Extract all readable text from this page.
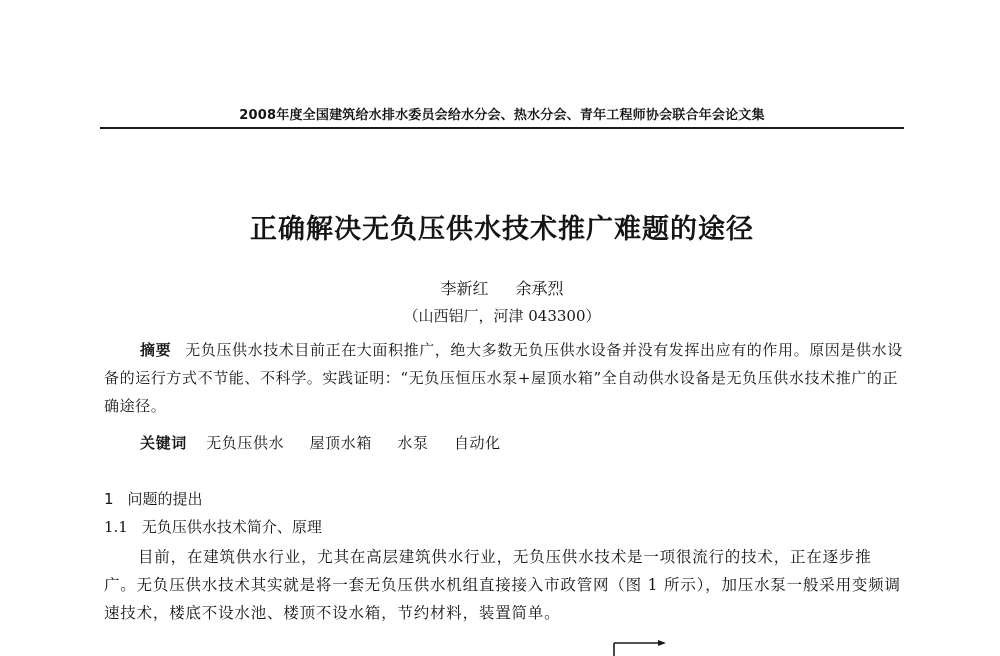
2008年度全国建筑给水排水委员会给水分会、热水分会、青年工程师协会联合年会论文集
正确解决无负压供水技术推广难题的途径
李新红 余承烈
（山西铝厂，河津 043300）

摘要 无负压供水技术目前正在大面积推广，绝大多数无负压供水设备并没有发挥出应有的作用。原因是供水设备的运行方式不节能、不科学。实践证明：“无负压恒压水泵+屋顶水箱”全自动供水设备是无负压供水技术推广的正确途径。

关键词 无负压供水 屋顶水箱 水泵 自动化
1 问题的提出
1.1 无负压供水技术简介、原理

目前，在建筑供水行业，尤其在高层建筑供水行业，无负压供水技术是一项很流行的技术，正在逐步推广。无负压供水技术其实就是将一套无负压供水机组直接接入市政管网（图 1 所示），加压水泵一般采用变频调速技术，楼底不设水池、楼顶不设水箱，节约材料，装置简单。
